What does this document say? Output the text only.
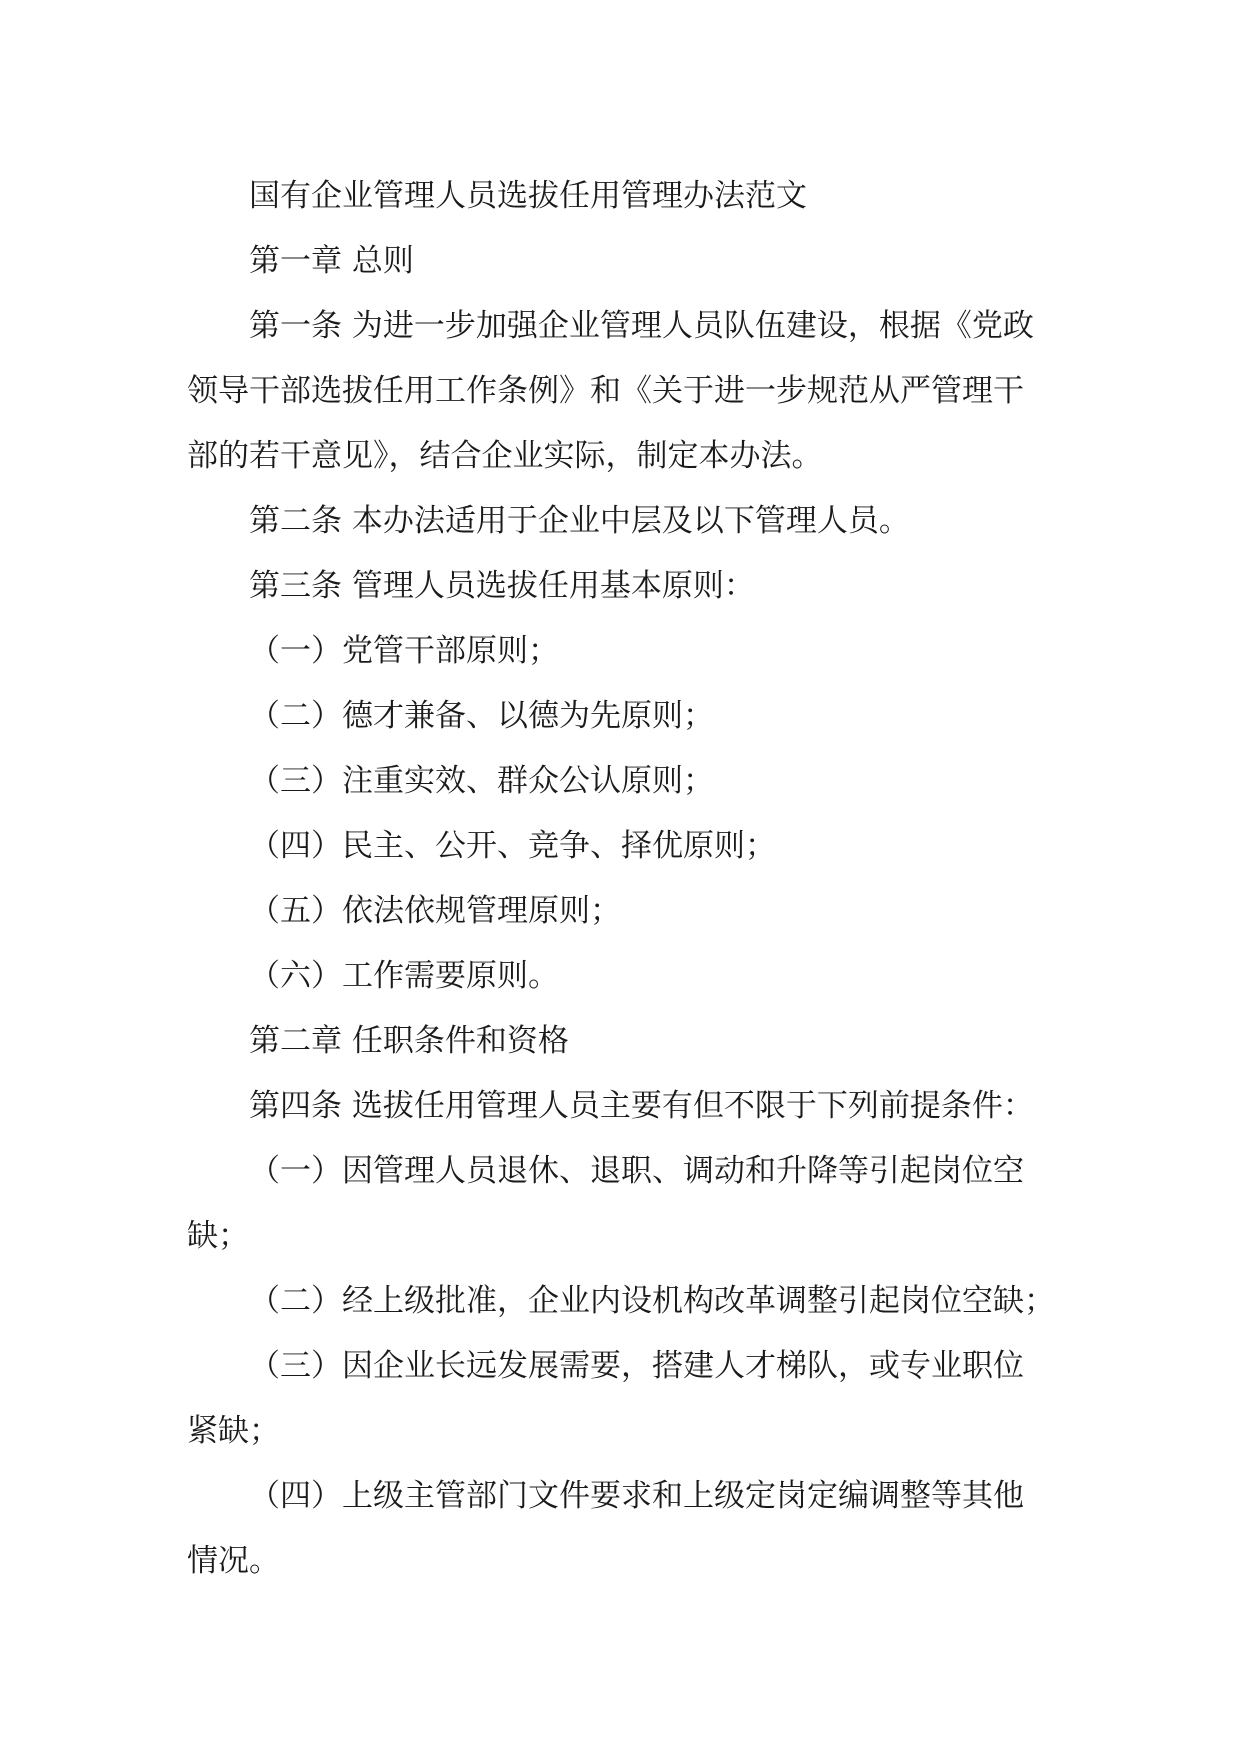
国有企业管理人员选拔任用管理办法范文

第一章 总则

第一条 为进一步加强企业管理人员队伍建设，根据《党政

领导干部选拔任用工作条例》和《关于进一步规范从严管理干

部的若干意见》，结合企业实际，制定本办法。

第二条 本办法适用于企业中层及以下管理人员。

第三条 管理人员选拔任用基本原则：

（一）党管干部原则；

（二）德才兼备、以德为先原则；

（三）注重实效、群众公认原则；

（四）民主、公开、竞争、择优原则；

（五）依法依规管理原则；

（六）工作需要原则。

第二章 任职条件和资格

第四条 选拔任用管理人员主要有但不限于下列前提条件：

（一）因管理人员退休、退职、调动和升降等引起岗位空

缺；

（二）经上级批准，企业内设机构改革调整引起岗位空缺；

（三）因企业长远发展需要，搭建人才梯队，或专业职位

紧缺；

（四）上级主管部门文件要求和上级定岗定编调整等其他

情况。
